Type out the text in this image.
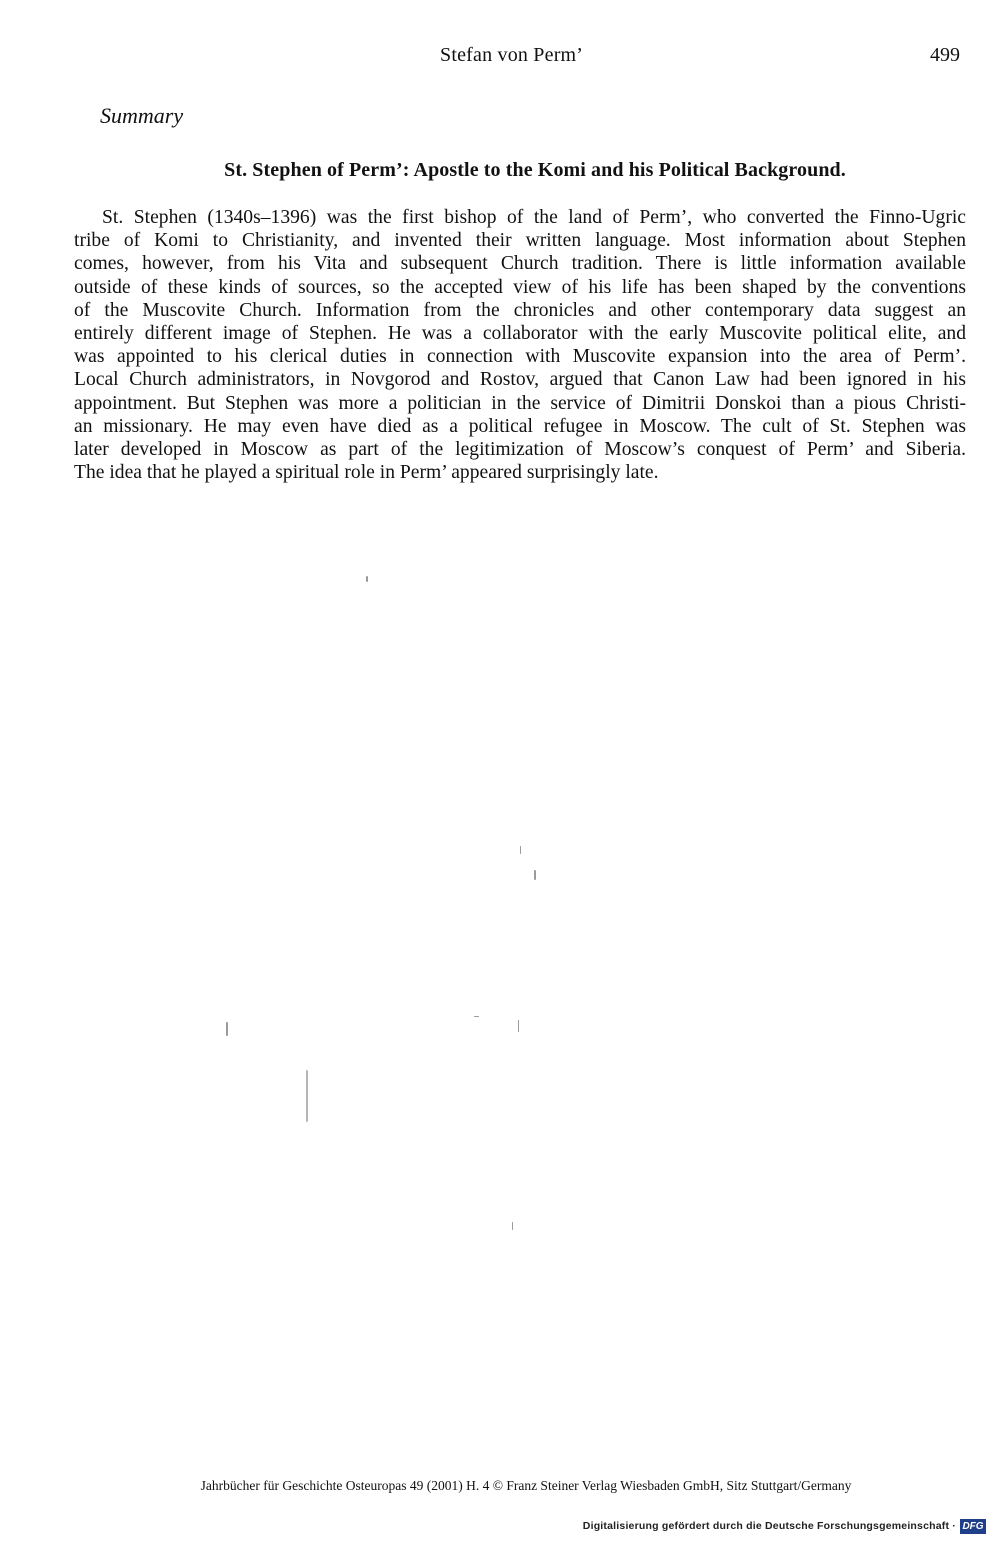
Stefan von Perm’	499
Summary
St. Stephen of Perm’: Apostle to the Komi and his Political Background.
St. Stephen (1340s–1396) was the first bishop of the land of Perm’, who converted the Finno-Ugric
tribe of Komi to Christianity, and invented their written language. Most information about Stephen
comes, however, from his Vita and subsequent Church tradition. There is little information available
outside of these kinds of sources, so the accepted view of his life has been shaped by the conventions
of the Muscovite Church. Information from the chronicles and other contemporary data suggest an
entirely different image of Stephen. He was a collaborator with the early Muscovite political elite, and
was appointed to his clerical duties in connection with Muscovite expansion into the area of Perm’.
Local Church administrators, in Novgorod and Rostov, argued that Canon Law had been ignored in his
appointment. But Stephen was more a politician in the service of Dimitrii Donskoi than a pious Christi-
an missionary. He may even have died as a political refugee in Moscow. The cult of St. Stephen was
later developed in Moscow as part of the legitimization of Moscow’s conquest of Perm’ and Siberia.
The idea that he played a spiritual role in Perm’ appeared surprisingly late.
Jahrbücher für Geschichte Osteuropas 49 (2001) H. 4 © Franz Steiner Verlag Wiesbaden GmbH, Sitz Stuttgart/Germany
Digitalisierung gefördert durch die Deutsche Forschungsgemeinschaft · DFG
